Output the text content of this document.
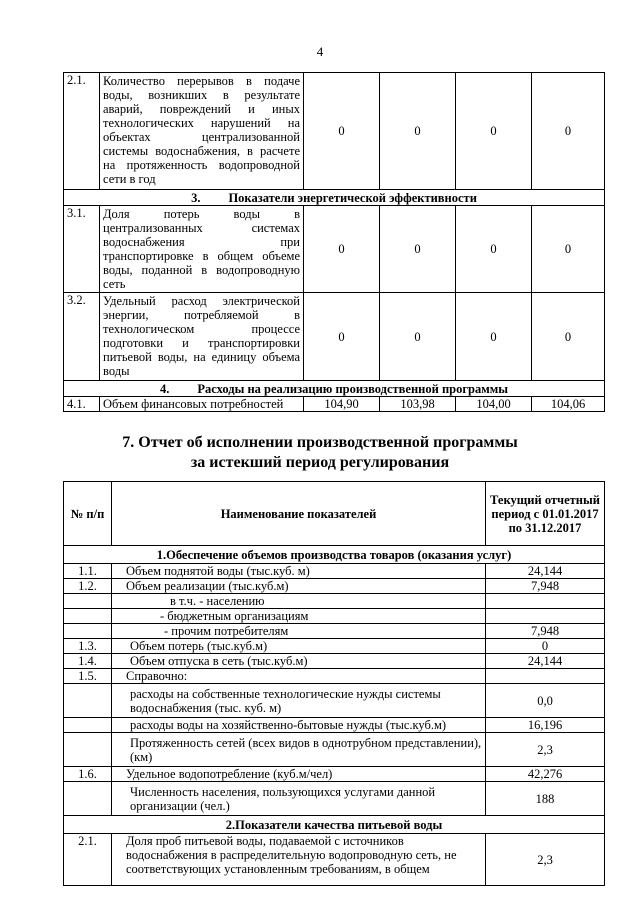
4
2.1.	Количество перерывов в подаче воды, возникших в результате аварий, повреждений и иных технологических нарушений на объектах централизованной системы водоснабжения, в расчете на протяженность водопроводной сети в год	0	0	0	0
3. Показатели энергетической эффективности					
3.1.	Доля потерь воды в централизованных системах водоснабжения при транспортировке в общем объеме воды, поданной в водопроводную сеть	0	0	0	0
3.2.	Удельный расход электрической энергии, потребляемой в технологическом процессе подготовки и транспортировки питьевой воды, на единицу объема воды	0	0	0	0
4. Расходы на реализацию производственной программы					
4.1.	Объем финансовых потребностей	104,90	103,98	104,00	104,06
7. Отчет об исполнении производственной программы
за истекший период регулирования
№ п/п	Наименование показателей	Текущий отчетный период с 01.01.2017 по 31.12.2017
1.Обеспечение объемов производства товаров (оказания услуг)		
1.1.	Объем поднятой воды (тыс.куб. м)	24,144
1.2.	Объем реализации (тыс.куб.м)	7,948
	в т.ч. - населению	
	- бюджетным организациям	
	- прочим потребителям	7,948
1.3.	Объем потерь (тыс.куб.м)	0
1.4.	Объем отпуска в сеть (тыс.куб.м)	24,144
1.5.	Справочно:	
	расходы на собственные технологические нужды системы водоснабжения (тыс. куб. м)	0,0
	расходы воды на хозяйственно-бытовые нужды (тыс.куб.м)	16,196
	Протяженность сетей (всех видов в однотрубном представлении), (км)	2,3
1.6.	Удельное водопотребление (куб.м/чел)	42,276
	Численность населения, пользующихся услугами данной организации (чел.)	188
2.Показатели качества питьевой воды		
2.1.	Доля проб питьевой воды, подаваемой с источников водоснабжения в распределительную водопроводную сеть, не соответствующих установленным требованиям, в общем	2,3
